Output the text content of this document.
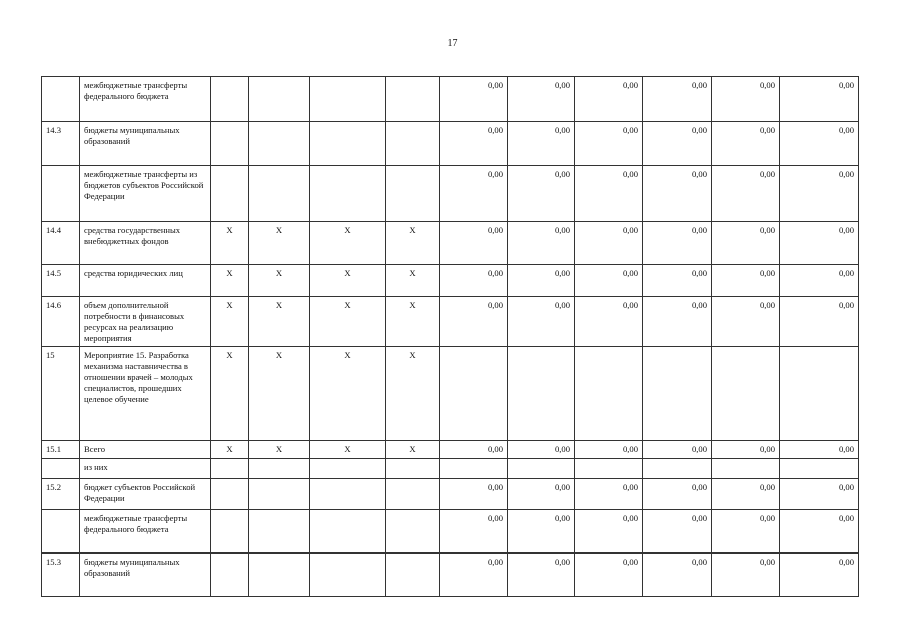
17
	межбюджетные трансферты федерального бюджета					0,00	0,00	0,00	0,00	0,00	0,00
14.3	бюджеты муниципальных образований					0,00	0,00	0,00	0,00	0,00	0,00
	межбюджетные трансферты из бюджетов субъектов Российской Федерации					0,00	0,00	0,00	0,00	0,00	0,00
14.4	средства государственных внебюджетных фондов	X	X	X	X	0,00	0,00	0,00	0,00	0,00	0,00
14.5	средства юридических лиц	X	X	X	X	0,00	0,00	0,00	0,00	0,00	0,00
14.6	объем дополнительной потребности в финансовых ресурсах на реализацию мероприятия	X	X	X	X	0,00	0,00	0,00	0,00	0,00	0,00
15	Мероприятие 15. Разработка механизма наставничества в отношении врачей – молодых специалистов, прошедших целевое обучение	X	X	X	X						
15.1	Всего	X	X	X	X	0,00	0,00	0,00	0,00	0,00	0,00
	из них										
15.2	бюджет субъектов Российской Федерации					0,00	0,00	0,00	0,00	0,00	0,00
	межбюджетные трансферты федерального бюджета					0,00	0,00	0,00	0,00	0,00	0,00
15.3	бюджеты муниципальных образований					0,00	0,00	0,00	0,00	0,00	0,00
